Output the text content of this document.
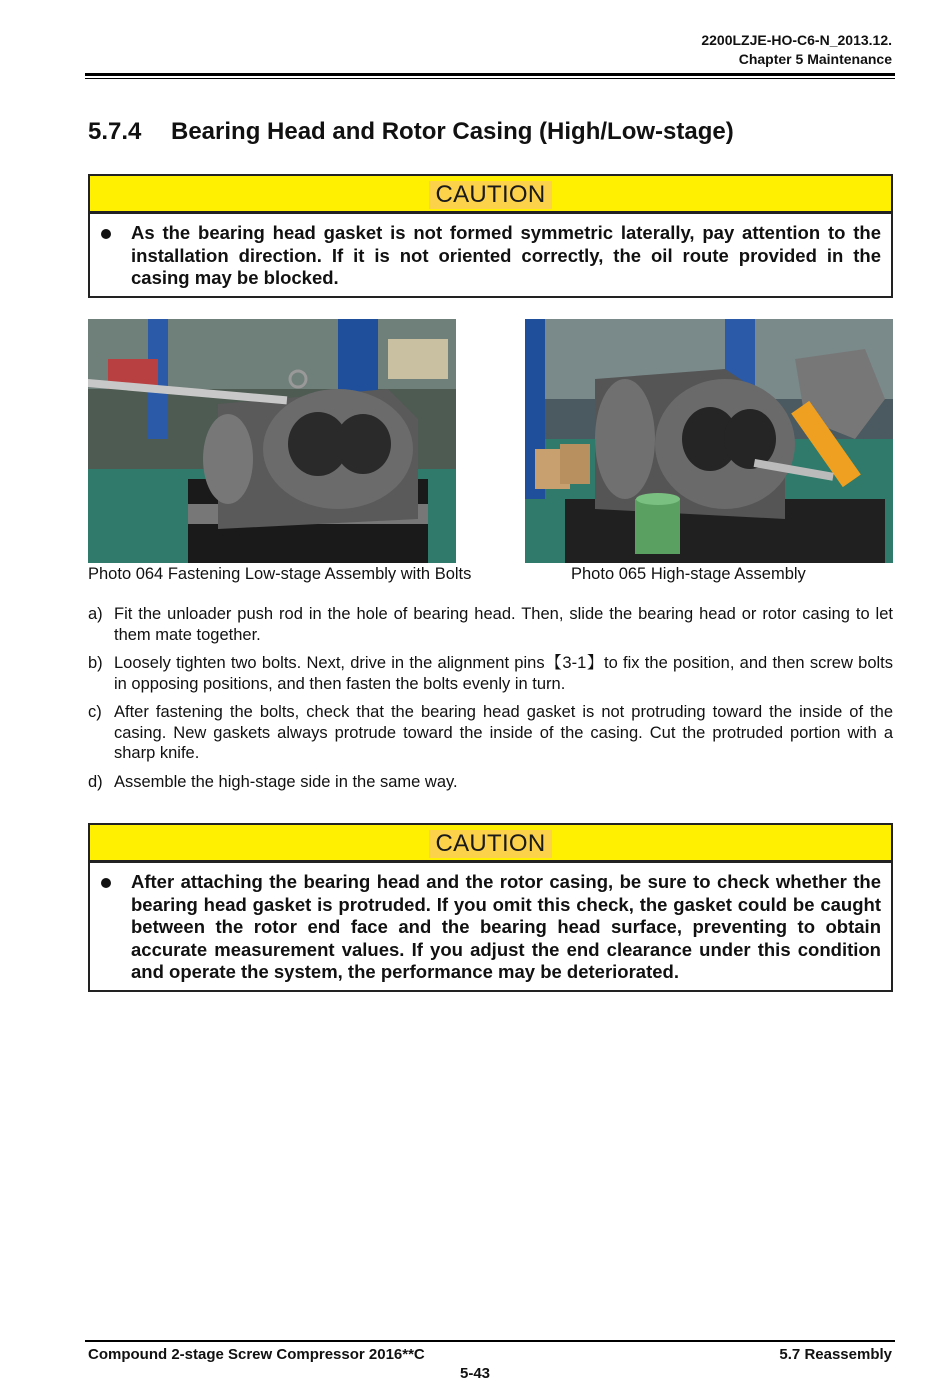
2200LZJE-HO-C6-N_2013.12.
Chapter 5 Maintenance
5.7.4 Bearing Head and Rotor Casing (High/Low-stage)
CAUTION
As the bearing head gasket is not formed symmetric laterally, pay attention to the installation direction. If it is not oriented correctly, the oil route provided in the casing may be blocked.
Photo 064 Fastening Low-stage Assembly with Bolts	Photo 065 High-stage Assembly
a) Fit the unloader push rod in the hole of bearing head. Then, slide the bearing head or rotor casing to let them mate together.
b) Loosely tighten two bolts. Next, drive in the alignment pins【3-1】to fix the position, and then screw bolts in opposing positions, and then fasten the bolts evenly in turn.
c) After fastening the bolts, check that the bearing head gasket is not protruding toward the inside of the casing. New gaskets always protrude toward the inside of the casing. Cut the protruded portion with a sharp knife.
d) Assemble the high-stage side in the same way.
CAUTION
After attaching the bearing head and the rotor casing, be sure to check whether the bearing head gasket is protruded. If you omit this check, the gasket could be caught between the rotor end face and the bearing head surface, preventing to obtain accurate measurement values. If you adjust the end clearance under this condition and operate the system, the performance may be deteriorated.
Compound 2-stage Screw Compressor 2016**C	5.7 Reassembly
5-43
